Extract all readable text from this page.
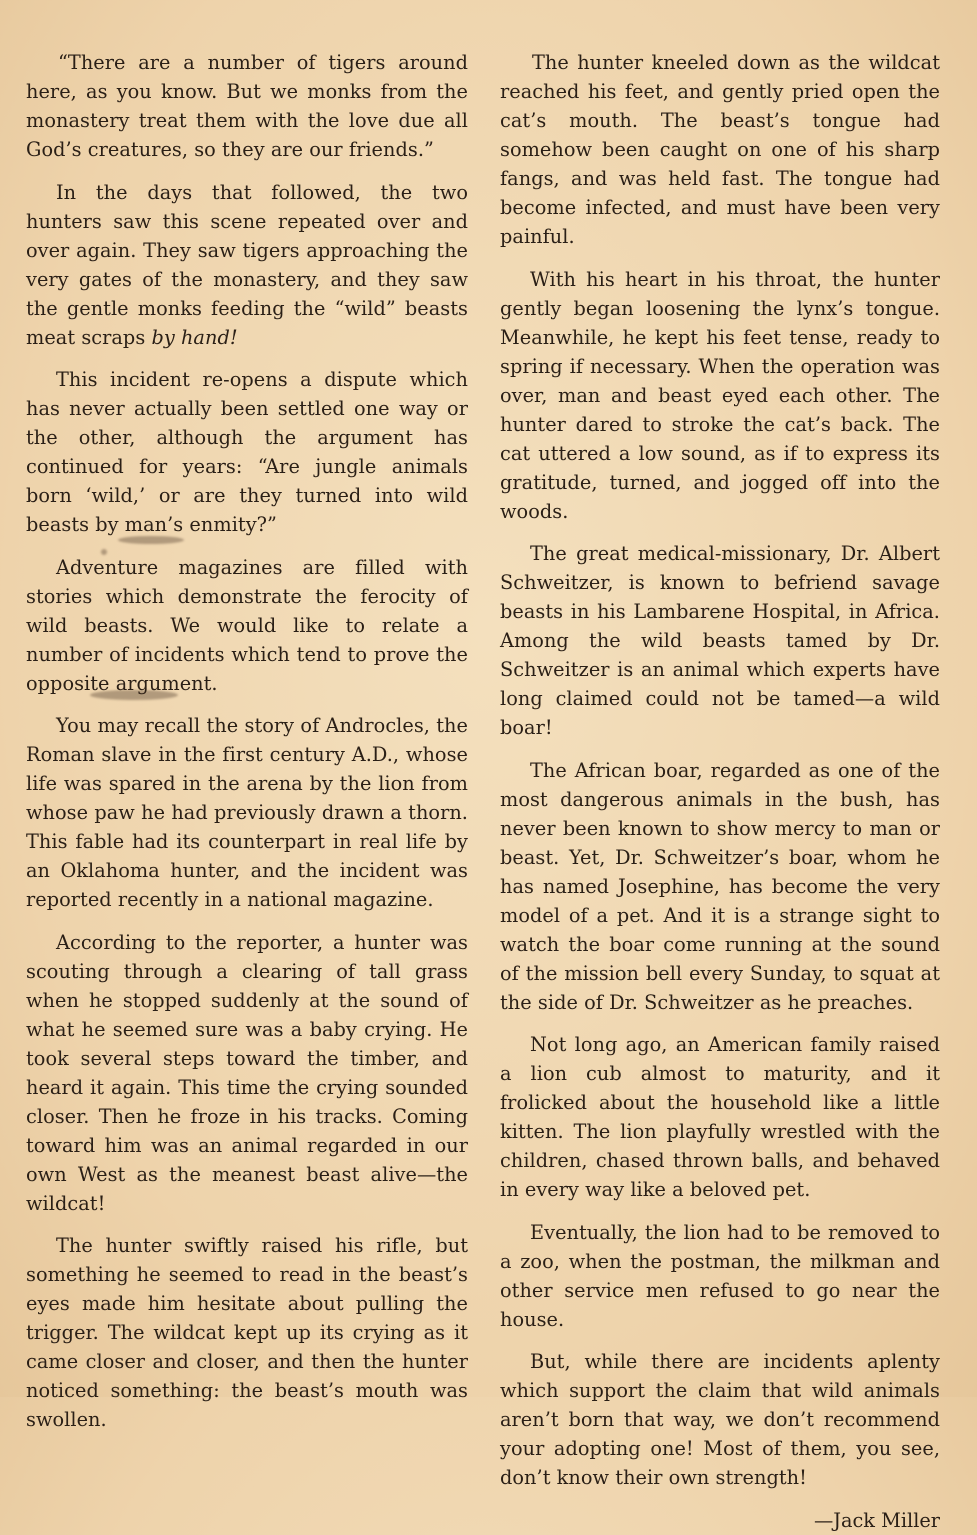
“There are a number of tigers around here, as you know. But we monks from the monastery treat them with the love due all God’s creatures, so they are our friends.”

In the days that followed, the two hunters saw this scene repeated over and over again. They saw tigers approaching the very gates of the monastery, and they saw the gentle monks feeding the “wild” beasts meat scraps by hand!

This incident re-opens a dispute which has never actually been settled one way or the other, although the argument has continued for years: “Are jungle animals born ‘wild,’ or are they turned into wild beasts by man’s enmity?”

Adventure magazines are filled with stories which demonstrate the ferocity of wild beasts. We would like to relate a number of incidents which tend to prove the opposite argument.

You may recall the story of Androcles, the Roman slave in the first century A.D., whose life was spared in the arena by the lion from whose paw he had previously drawn a thorn. This fable had its counterpart in real life by an Oklahoma hunter, and the incident was reported recently in a national magazine.

According to the reporter, a hunter was scouting through a clearing of tall grass when he stopped suddenly at the sound of what he seemed sure was a baby crying. He took several steps toward the timber, and heard it again. This time the crying sounded closer. Then he froze in his tracks. Coming toward him was an animal regarded in our own West as the meanest beast alive—the wildcat!

The hunter swiftly raised his rifle, but something he seemed to read in the beast’s eyes made him hesitate about pulling the trigger. The wildcat kept up its crying as it came closer and closer, and then the hunter noticed something: the beast’s mouth was swollen.

The hunter kneeled down as the wildcat reached his feet, and gently pried open the cat’s mouth. The beast’s tongue had somehow been caught on one of his sharp fangs, and was held fast. The tongue had become infected, and must have been very painful.

With his heart in his throat, the hunter gently began loosening the lynx’s tongue. Meanwhile, he kept his feet tense, ready to spring if necessary. When the operation was over, man and beast eyed each other. The hunter dared to stroke the cat’s back. The cat uttered a low sound, as if to express its gratitude, turned, and jogged off into the woods.

The great medical-missionary, Dr. Albert Schweitzer, is known to befriend savage beasts in his Lambarene Hospital, in Africa. Among the wild beasts tamed by Dr. Schweitzer is an animal which experts have long claimed could not be tamed—a wild boar!

The African boar, regarded as one of the most dangerous animals in the bush, has never been known to show mercy to man or beast. Yet, Dr. Schweitzer’s boar, whom he has named Josephine, has become the very model of a pet. And it is a strange sight to watch the boar come running at the sound of the mission bell every Sunday, to squat at the side of Dr. Schweitzer as he preaches.

Not long ago, an American family raised a lion cub almost to maturity, and it frolicked about the household like a little kitten. The lion playfully wrestled with the children, chased thrown balls, and behaved in every way like a beloved pet.

Eventually, the lion had to be removed to a zoo, when the postman, the milkman and other service men refused to go near the house.

But, while there are incidents aplenty which support the claim that wild animals aren’t born that way, we don’t recommend your adopting one! Most of them, you see, don’t know their own strength!

—Jack Miller
